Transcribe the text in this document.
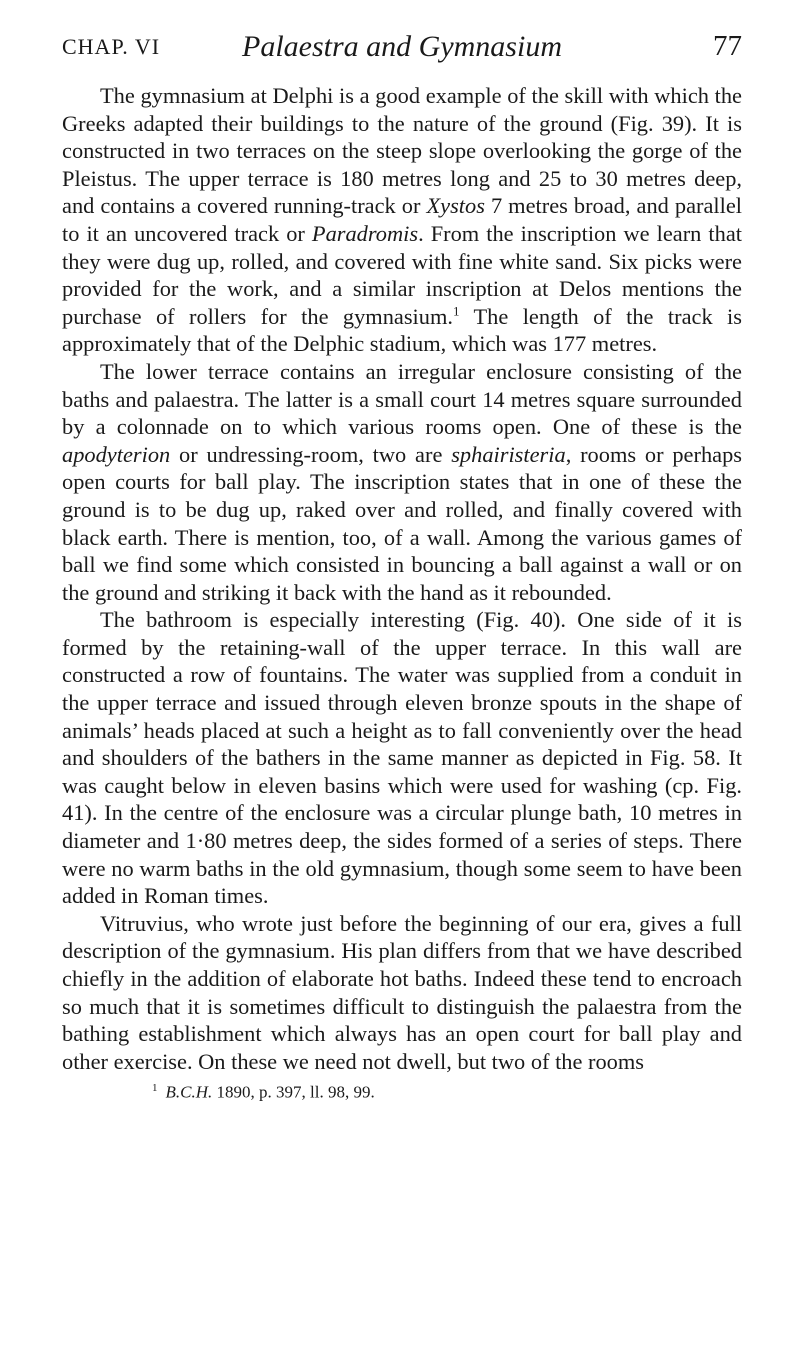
CHAP. VI	Palaestra and Gymnasium	77

The gymnasium at Delphi is a good example of the skill with which the Greeks adapted their buildings to the nature of the ground (Fig. 39). It is constructed in two terraces on the steep slope overlooking the gorge of the Pleistus. The upper terrace is 180 metres long and 25 to 30 metres deep, and contains a covered running-track or Xystos 7 metres broad, and parallel to it an uncovered track or Paradromis. From the inscription we learn that they were dug up, rolled, and covered with fine white sand. Six picks were provided for the work, and a similar inscription at Delos mentions the purchase of rollers for the gymnasium.$^1$ The length of the track is approximately that of the Delphic stadium, which was 177 metres.

The lower terrace contains an irregular enclosure consisting of the baths and palaestra. The latter is a small court 14 metres square surrounded by a colonnade on to which various rooms open. One of these is the apodyterion or undressing-room, two are sphairisteria, rooms or perhaps open courts for ball play. The inscription states that in one of these the ground is to be dug up, raked over and rolled, and finally covered with black earth. There is mention, too, of a wall. Among the various games of ball we find some which consisted in bouncing a ball against a wall or on the ground and striking it back with the hand as it rebounded.

The bathroom is especially interesting (Fig. 40). One side of it is formed by the retaining-wall of the upper terrace. In this wall are constructed a row of fountains. The water was supplied from a conduit in the upper terrace and issued through eleven bronze spouts in the shape of animals’ heads placed at such a height as to fall conveniently over the head and shoulders of the bathers in the same manner as depicted in Fig. 58. It was caught below in eleven basins which were used for washing (cp. Fig. 41). In the centre of the enclosure was a circular plunge bath, 10 metres in diameter and 1·80 metres deep, the sides formed of a series of steps. There were no warm baths in the old gymnasium, though some seem to have been added in Roman times.

Vitruvius, who wrote just before the beginning of our era, gives a full description of the gymnasium. His plan differs from that we have described chiefly in the addition of elaborate hot baths. Indeed these tend to encroach so much that it is sometimes difficult to distinguish the palaestra from the bathing establishment which always has an open court for ball play and other exercise. On these we need not dwell, but two of the rooms

$^1$ B.C.H. 1890, p. 397, ll. 98, 99.
